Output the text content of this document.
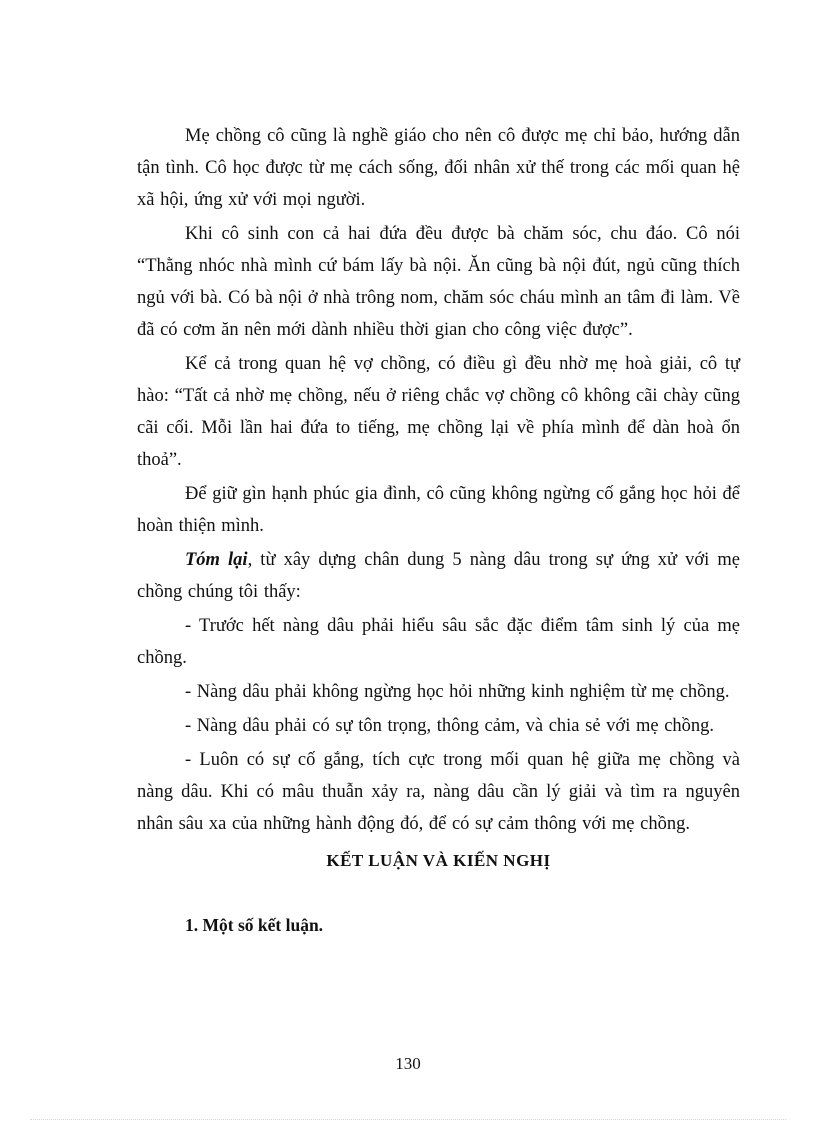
Mẹ chồng cô cũng là nghề giáo cho nên cô được mẹ chỉ bảo, hướng dẫn tận tình. Cô học được từ mẹ cách sống, đối nhân xử thế trong các mối quan hệ xã hội, ứng xử với mọi người.

Khi cô sinh con cả hai đứa đều được bà chăm sóc, chu đáo. Cô nói “Thằng nhóc nhà mình cứ bám lấy bà nội. Ăn cũng bà nội đút, ngủ cũng thích ngủ với bà. Có bà nội ở nhà trông nom, chăm sóc cháu mình an tâm đi làm. Về đã có cơm ăn nên mới dành nhiều thời gian cho công việc được”.

Kể cả trong quan hệ vợ chồng, có điều gì đều nhờ mẹ hoà giải, cô tự hào: “Tất cả nhờ mẹ chồng, nếu ở riêng chắc vợ chồng cô không cãi chày cũng cãi cối. Mỗi lần hai đứa to tiếng, mẹ chồng lại về phía mình để dàn hoà ổn thoả”.

Để giữ gìn hạnh phúc gia đình, cô cũng không ngừng cố gắng học hỏi để hoàn thiện mình.

Tóm lại, từ xây dựng chân dung 5 nàng dâu trong sự ứng xử với mẹ chồng chúng tôi thấy:

- Trước hết nàng dâu phải hiểu sâu sắc đặc điểm tâm sinh lý của mẹ chồng.

- Nàng dâu phải không ngừng học hỏi những kinh nghiệm từ mẹ chồng.

- Nàng dâu phải có sự tôn trọng, thông cảm, và chia sẻ với mẹ chồng.

- Luôn có sự cố gắng, tích cực trong mối quan hệ giữa mẹ chồng và nàng dâu. Khi có mâu thuẫn xảy ra, nàng dâu cần lý giải và tìm ra nguyên nhân sâu xa của những hành động đó, để có sự cảm thông với mẹ chồng.

KẾT LUẬN VÀ KIẾN NGHỊ
1. Một số kết luận.
130
